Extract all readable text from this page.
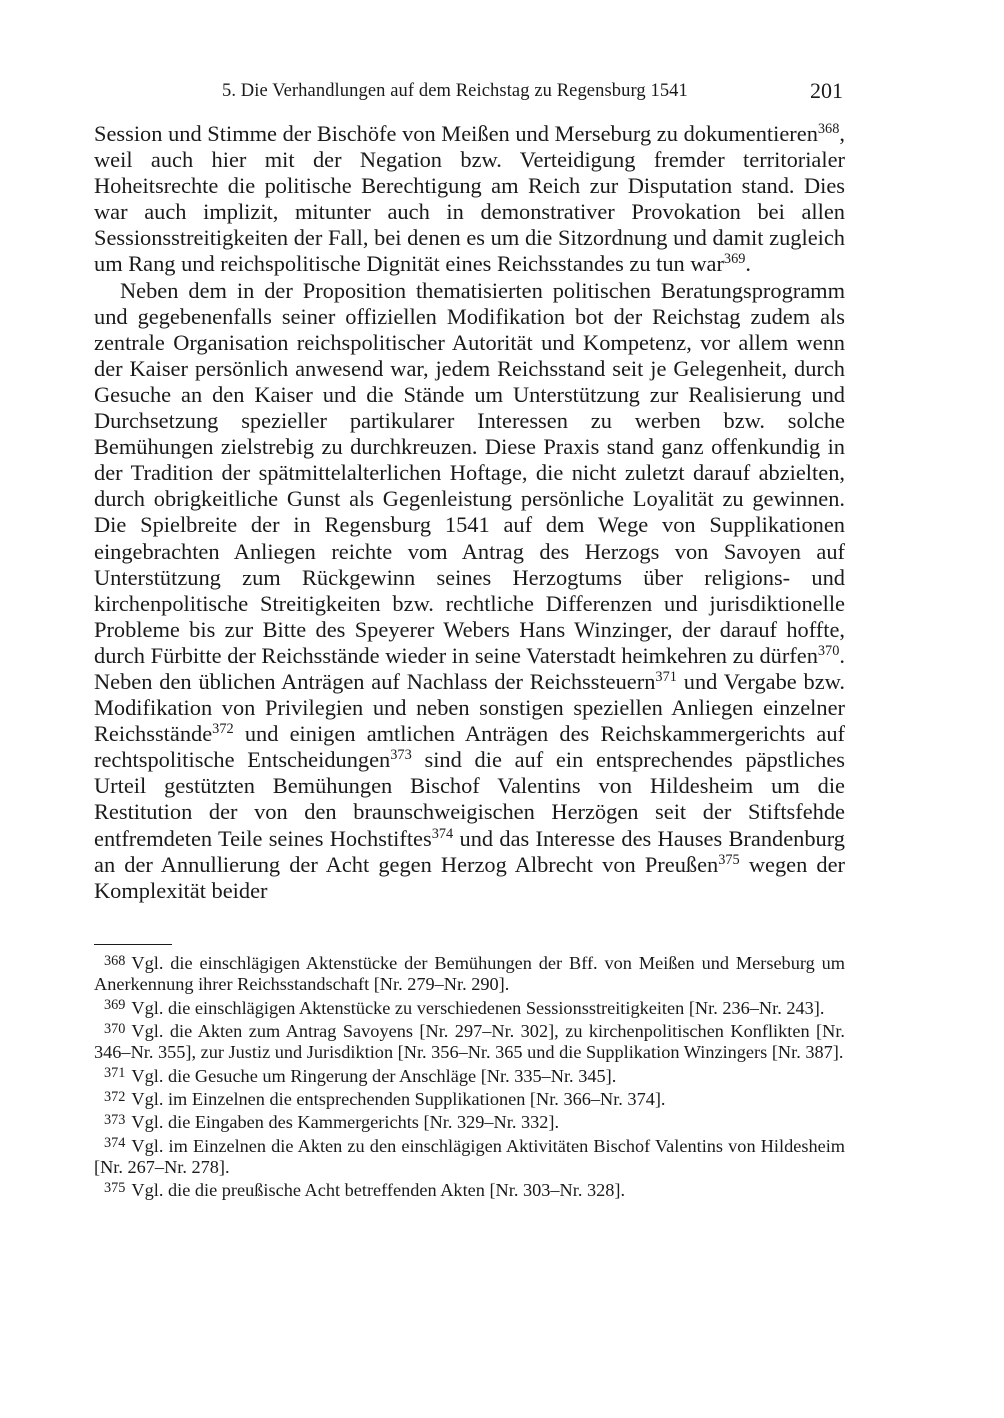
5. Die Verhandlungen auf dem Reichstag zu Regensburg 1541	201

Session und Stimme der Bischöfe von Meißen und Merseburg zu dokumentieren$^{368}$, weil auch hier mit der Negation bzw. Verteidigung fremder territorialer Hoheitsrechte die politische Berechtigung am Reich zur Disputation stand. Dies war auch implizit, mitunter auch in demonstrativer Provokation bei allen Sessionsstreitigkeiten der Fall, bei denen es um die Sitzordnung und damit zugleich um Rang und reichspolitische Dignität eines Reichsstandes zu tun war$^{369}$.

Neben dem in der Proposition thematisierten politischen Beratungsprogramm und gegebenenfalls seiner offiziellen Modifikation bot der Reichstag zudem als zentrale Organisation reichspolitischer Autorität und Kompetenz, vor allem wenn der Kaiser persönlich anwesend war, jedem Reichsstand seit je Gelegenheit, durch Gesuche an den Kaiser und die Stände um Unterstützung zur Realisierung und Durchsetzung spezieller partikularer Interessen zu werben bzw. solche Bemühungen zielstrebig zu durchkreuzen. Diese Praxis stand ganz offenkundig in der Tradition der spätmittelalterlichen Hoftage, die nicht zuletzt darauf abzielten, durch obrigkeitliche Gunst als Gegenleistung persönliche Loyalität zu gewinnen. Die Spielbreite der in Regensburg 1541 auf dem Wege von Supplikationen eingebrachten Anliegen reichte vom Antrag des Herzogs von Savoyen auf Unterstützung zum Rückgewinn seines Herzogtums über religions- und kirchenpolitische Streitigkeiten bzw. rechtliche Differenzen und jurisdiktionelle Probleme bis zur Bitte des Speyerer Webers Hans Winzinger, der darauf hoffte, durch Fürbitte der Reichsstände wieder in seine Vaterstadt heimkehren zu dürfen$^{370}$. Neben den üblichen Anträgen auf Nachlass der Reichssteuern$^{371}$ und Vergabe bzw. Modifikation von Privilegien und neben sonstigen speziellen Anliegen einzelner Reichsstände$^{372}$ und einigen amtlichen Anträgen des Reichskammergerichts auf rechtspolitische Entscheidungen$^{373}$ sind die auf ein entsprechendes päpstliches Urteil gestützten Bemühungen Bischof Valentins von Hildesheim um die Restitution der von den braunschweigischen Herzögen seit der Stiftsfehde entfremdeten Teile seines Hochstiftes$^{374}$ und das Interesse des Hauses Brandenburg an der Annullierung der Acht gegen Herzog Albrecht von Preußen$^{375}$ wegen der Komplexität beider

$^{368}$ Vgl. die einschlägigen Aktenstücke der Bemühungen der Bff. von Meißen und Merseburg um Anerkennung ihrer Reichsstandschaft [Nr. 279–Nr. 290].

$^{369}$ Vgl. die einschlägigen Aktenstücke zu verschiedenen Sessionsstreitigkeiten [Nr. 236–Nr. 243].

$^{370}$ Vgl. die Akten zum Antrag Savoyens [Nr. 297–Nr. 302], zu kirchenpolitischen Konflikten [Nr. 346–Nr. 355], zur Justiz und Jurisdiktion [Nr. 356–Nr. 365 und die Supplikation Winzingers [Nr. 387].

$^{371}$ Vgl. die Gesuche um Ringerung der Anschläge [Nr. 335–Nr. 345].

$^{372}$ Vgl. im Einzelnen die entsprechenden Supplikationen [Nr. 366–Nr. 374].

$^{373}$ Vgl. die Eingaben des Kammergerichts [Nr. 329–Nr. 332].

$^{374}$ Vgl. im Einzelnen die Akten zu den einschlägigen Aktivitäten Bischof Valentins von Hildesheim [Nr. 267–Nr. 278].

$^{375}$ Vgl. die die preußische Acht betreffenden Akten [Nr. 303–Nr. 328].
